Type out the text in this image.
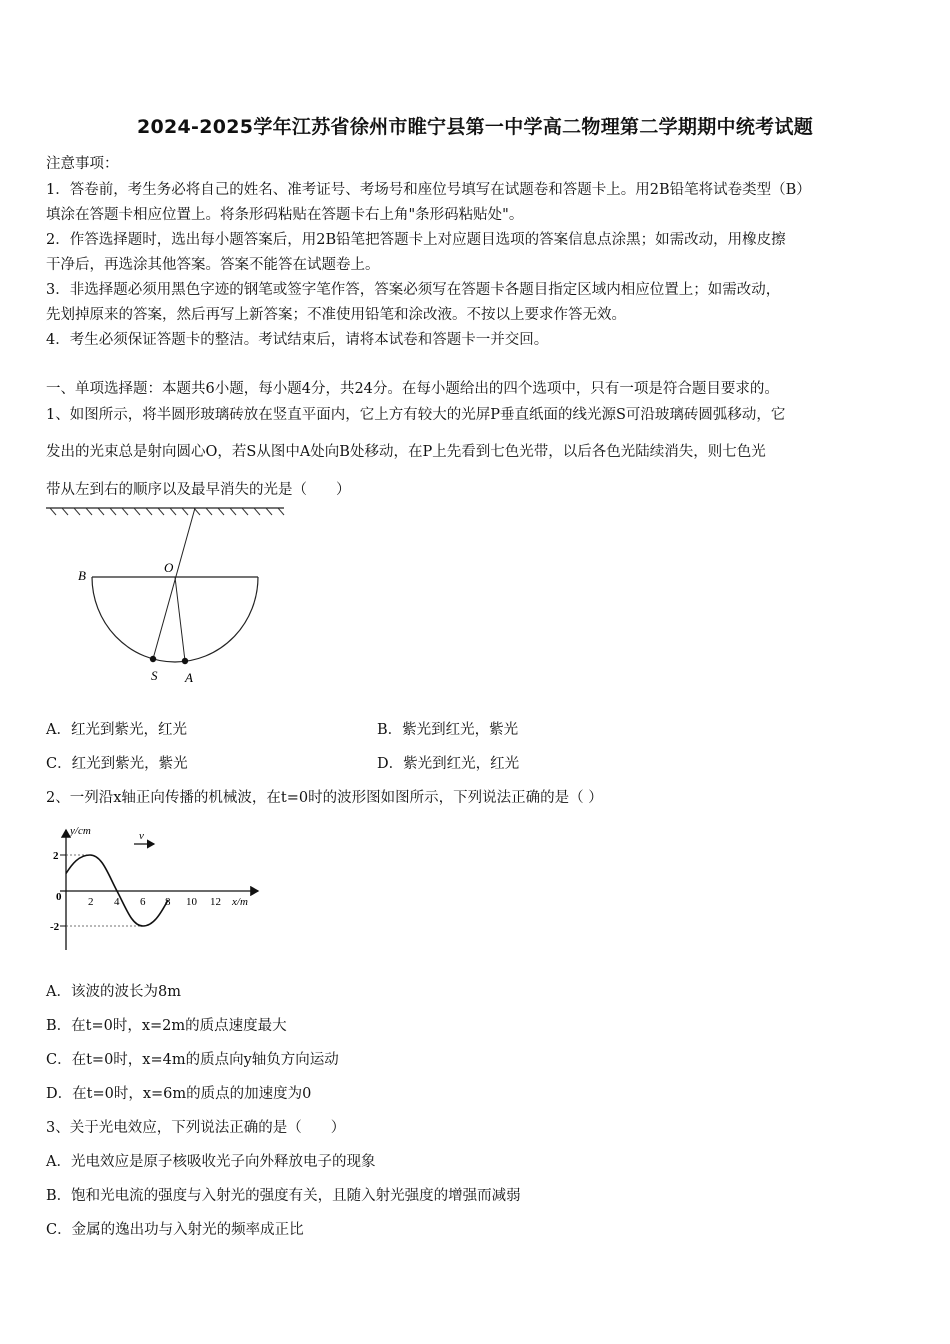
2024-2025学年江苏省徐州市睢宁县第一中学高二物理第二学期期中统考试题
注意事项：
1．答卷前，考生务必将自己的姓名、准考证号、考场号和座位号填写在试题卷和答题卡上。用2B铅笔将试卷类型（B）
填涂在答题卡相应位置上。将条形码粘贴在答题卡右上角"条形码粘贴处"。
2．作答选择题时，选出每小题答案后，用2B铅笔把答题卡上对应题目选项的答案信息点涂黑；如需改动，用橡皮擦
干净后，再选涂其他答案。答案不能答在试题卷上。
3．非选择题必须用黑色字迹的钢笔或签字笔作答，答案必须写在答题卡各题目指定区域内相应位置上；如需改动，
先划掉原来的答案，然后再写上新答案；不准使用铅笔和涂改液。不按以上要求作答无效。
4．考生必须保证答题卡的整洁。考试结束后，请将本试卷和答题卡一并交回。
一、单项选择题：本题共6小题，每小题4分，共24分。在每小题给出的四个选项中，只有一项是符合题目要求的。
1、如图所示，将半圆形玻璃砖放在竖直平面内，它上方有较大的光屏P垂直纸面的线光源S可沿玻璃砖圆弧移动，它
发出的光束总是射向圆心O，若S从图中A处向B处移动，在P上先看到七色光带，以后各色光陆续消失，则七色光
带从左到右的顺序以及最早消失的光是（　　）
B
O
S A
A．红光到紫光，红光	B．紫光到红光，紫光
C．红光到紫光，紫光	D．紫光到红光，红光
2、一列沿x轴正向传播的机械波，在t=0时的波形图如图所示，下列说法正确的是（ ）
y/cm	v
2
-2
0 2 4 6 8 10 12 x/m
A．该波的波长为8m
B．在t=0时，x=2m的质点速度最大
C．在t=0时，x=4m的质点向y轴负方向运动
D．在t=0时，x=6m的质点的加速度为0
3、关于光电效应，下列说法正确的是（　　）
A．光电效应是原子核吸收光子向外释放电子的现象
B．饱和光电流的强度与入射光的强度有关，且随入射光强度的增强而减弱
C．金属的逸出功与入射光的频率成正比
